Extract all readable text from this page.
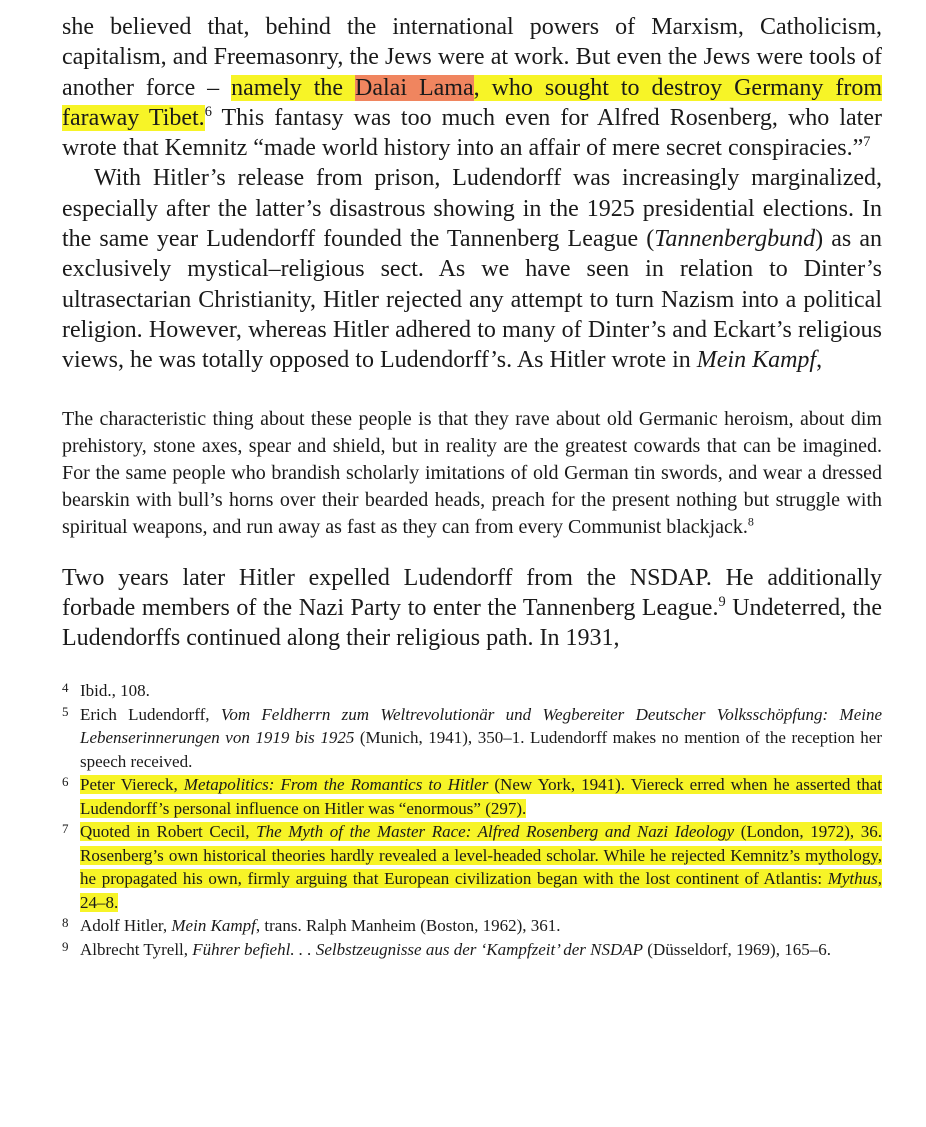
she believed that, behind the international powers of Marxism, Catholicism, capitalism, and Freemasonry, the Jews were at work. But even the Jews were tools of another force – namely the Dalai Lama, who sought to destroy Germany from faraway Tibet.$^6$ This fantasy was too much even for Alfred Rosenberg, who later wrote that Kemnitz “made world history into an affair of mere secret conspiracies.”$^7$

With Hitler’s release from prison, Ludendorff was increasingly marginalized, especially after the latter’s disastrous showing in the 1925 presidential elections. In the same year Ludendorff founded the Tannenberg League (Tannenbergbund) as an exclusively mystical–religious sect. As we have seen in relation to Dinter’s ultrasectarian Christianity, Hitler rejected any attempt to turn Nazism into a political religion. However, whereas Hitler adhered to many of Dinter’s and Eckart’s religious views, he was totally opposed to Ludendorff’s. As Hitler wrote in Mein Kampf,

The characteristic thing about these people is that they rave about old Germanic heroism, about dim prehistory, stone axes, spear and shield, but in reality are the greatest cowards that can be imagined. For the same people who brandish scholarly imitations of old German tin swords, and wear a dressed bearskin with bull’s horns over their bearded heads, preach for the present nothing but struggle with spiritual weapons, and run away as fast as they can from every Communist blackjack.$^8$

Two years later Hitler expelled Ludendorff from the NSDAP. He additionally forbade members of the Nazi Party to enter the Tannenberg League.$^9$ Undeterred, the Ludendorffs continued along their religious path. In 1931,

4 Ibid., 108.

5 Erich Ludendorff, Vom Feldherrn zum Weltrevolutionär und Wegbereiter Deutscher Volksschöpfung: Meine Lebenserinnerungen von 1919 bis 1925 (Munich, 1941), 350–1. Ludendorff makes no mention of the reception her speech received.

6 Peter Viereck, Metapolitics: From the Romantics to Hitler (New York, 1941). Viereck erred when he asserted that Ludendorff’s personal influence on Hitler was “enormous” (297).

7 Quoted in Robert Cecil, The Myth of the Master Race: Alfred Rosenberg and Nazi Ideology (London, 1972), 36. Rosenberg’s own historical theories hardly revealed a level-headed scholar. While he rejected Kemnitz’s mythology, he propagated his own, firmly arguing that European civilization began with the lost continent of Atlantis: Mythus, 24–8.

8 Adolf Hitler, Mein Kampf, trans. Ralph Manheim (Boston, 1962), 361.

9 Albrecht Tyrell, Führer befiehl. . . Selbstzeugnisse aus der ‘Kampfzeit’ der NSDAP (Düsseldorf, 1969), 165–6.
